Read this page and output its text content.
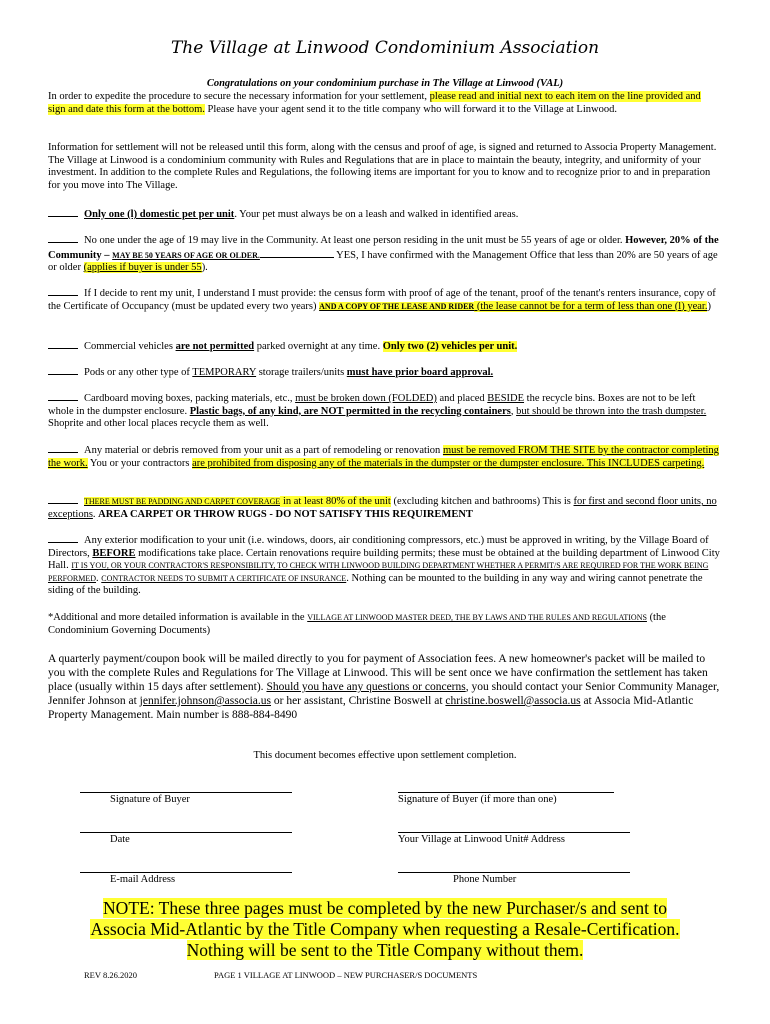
The Village at Linwood Condominium Association
Congratulations on your condominium purchase in The Village at Linwood (VAL)

In order to expedite the procedure to secure the necessary information for your settlement, please read and initial next to each item on the line provided and sign and date this form at the bottom. Please have your agent send it to the title company who will forward it to the Village at Linwood.

Information for settlement will not be released until this form, along with the census and proof of age, is signed and returned to Associa Property Management. The Village at Linwood is a condominium community with Rules and Regulations that are in place to maintain the beauty, integrity, and uniformity of your investment. In addition to the complete Rules and Regulations, the following items are important for you to know and to recognize prior to and in preparation for you move into The Village.

Only one (l) domestic pet per unit. Your pet must always be on a leash and walked in identified areas.

No one under the age of 19 may live in the Community. At least one person residing in the unit must be 55 years of age or older. However, 20% of the Community – MAY BE 50 YEARS OF AGE OR OLDER.	YES, I have confirmed with the Management Office that less than 20% are 50 years of age or older (applies if buyer is under 55).

If I decide to rent my unit, I understand I must provide: the census form with proof of age of the tenant, proof of the tenant's renters insurance, copy of the Certificate of Occupancy (must be updated every two years) AND A COPY OF THE LEASE AND RIDER (the lease cannot be for a term of less than one (l) year.)

Commercial vehicles are not permitted parked overnight at any time. Only two (2) vehicles per unit.

Pods or any other type of TEMPORARY storage trailers/units must have prior board approval.

Cardboard moving boxes, packing materials, etc., must be broken down (FOLDED) and placed BESIDE the recycle bins. Boxes are not to be left whole in the dumpster enclosure. Plastic bags, of any kind, are NOT permitted in the recycling containers, but should be thrown into the trash dumpster. Shoprite and other local places recycle them as well.

Any material or debris removed from your unit as a part of remodeling or renovation must be removed FROM THE SITE by the contractor completing the work. You or your contractors are prohibited from disposing any of the materials in the dumpster or the dumpster enclosure. This INCLUDES carpeting.

THERE MUST BE PADDING AND CARPET COVERAGE in at least 80% of the unit (excluding kitchen and bathrooms) This is for first and second floor units, no exceptions. AREA CARPET OR THROW RUGS - DO NOT SATISFY THIS REQUIREMENT

Any exterior modification to your unit (i.e. windows, doors, air conditioning compressors, etc.) must be approved in writing, by the Village Board of Directors, BEFORE modifications take place. Certain renovations require building permits; these must be obtained at the building department of Linwood City Hall. IT IS YOU, OR YOUR CONTRACTOR'S RESPONSIBILITY, TO CHECK WITH LINWOOD BUILDING DEPARTMENT WHETHER A PERMIT/S ARE REQUIRED FOR THE WORK BEING PERFORMED. CONTRACTOR NEEDS TO SUBMIT A CERTIFICATE OF INSURANCE. Nothing can be mounted to the building in any way and wiring cannot penetrate the siding of the building.

*Additional and more detailed information is available in the VILLAGE AT LINWOOD MASTER DEED, THE BY LAWS AND THE RULES AND REGULATIONS (the Condominium Governing Documents)

A quarterly payment/coupon book will be mailed directly to you for payment of Association fees. A new homeowner's packet will be mailed to you with the complete Rules and Regulations for The Village at Linwood. This will be sent once we have confirmation the settlement has taken place (usually within 15 days after settlement). Should you have any questions or concerns, you should contact your Senior Community Manager, Jennifer Johnson at jennifer.johnson@associa.us or her assistant, Christine Boswell at christine.boswell@associa.us at Associa Mid-Atlantic Property Management. Main number is 888-884-8490

This document becomes effective upon settlement completion.
Signature of Buyer	Signature of Buyer (if more than one)
Date	Your Village at Linwood Unit# Address
E-mail Address	Phone Number
NOTE: These three pages must be completed by the new Purchaser/s and sent to
Associa Mid-Atlantic by the Title Company when requesting a Resale-Certification.
Nothing will be sent to the Title Company without them.
REV 8.26.2020	PAGE 1 VILLAGE AT LINWOOD – NEW PURCHASER/S DOCUMENTS
